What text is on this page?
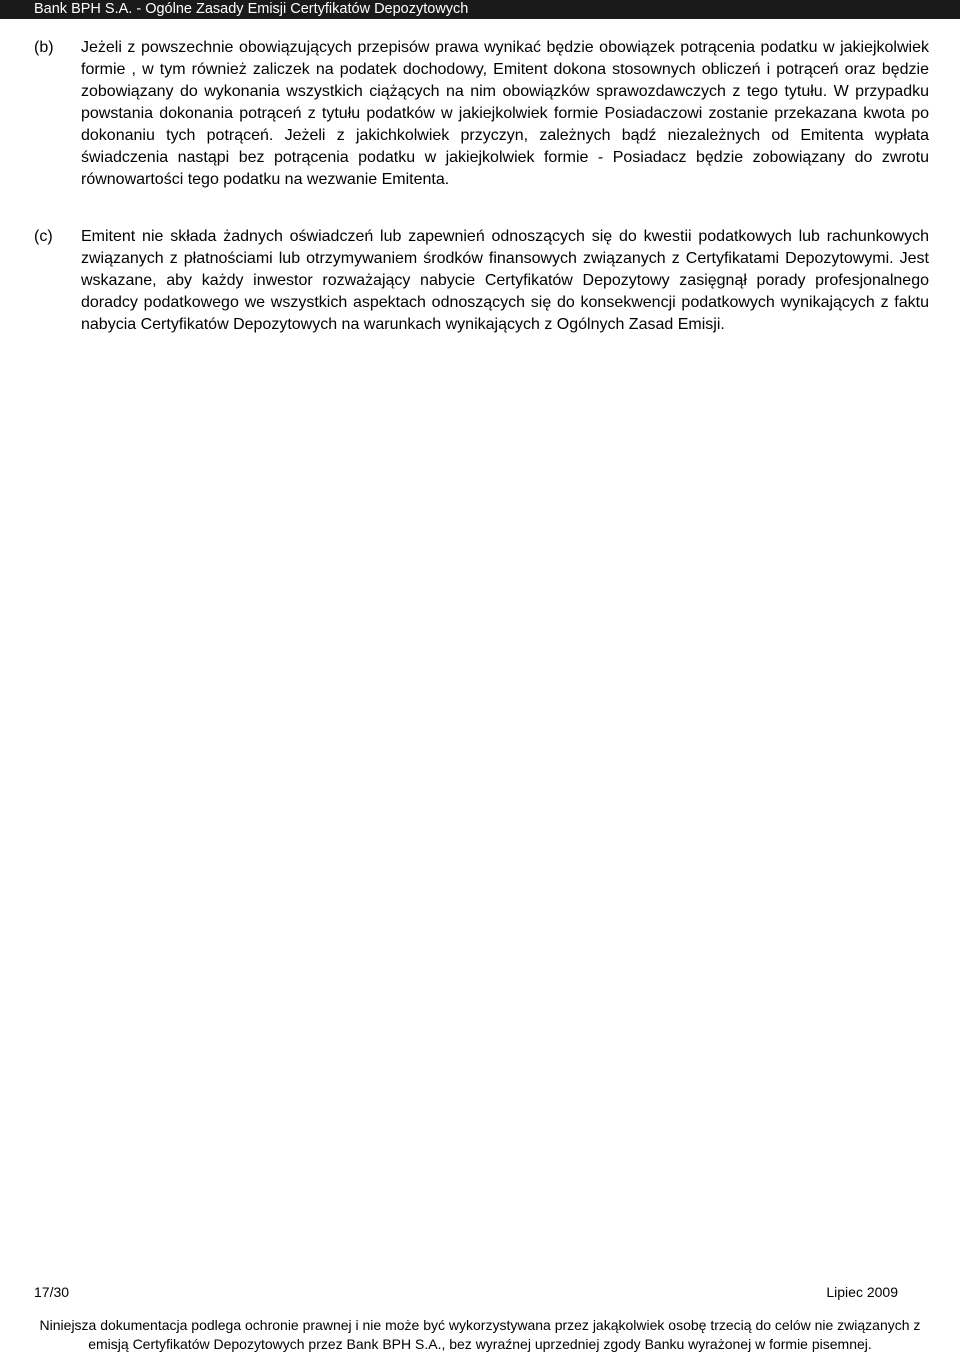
Bank BPH S.A. - Ogólne Zasady Emisji Certyfikatów Depozytowych
(b) Jeżeli z powszechnie obowiązujących przepisów prawa wynikać będzie obowiązek potrącenia podatku w jakiejkolwiek formie , w tym również zaliczek na podatek dochodowy, Emitent dokona stosownych obliczeń i potrąceń oraz będzie zobowiązany do wykonania wszystkich ciążących na nim obowiązków sprawozdawczych z tego tytułu. W przypadku powstania dokonania potrąceń z tytułu podatków w jakiejkolwiek formie Posiadaczowi zostanie przekazana kwota po dokonaniu tych potrąceń. Jeżeli z jakichkolwiek przyczyn, zależnych bądź niezależnych od Emitenta wypłata świadczenia nastąpi bez potrącenia podatku w jakiejkolwiek formie - Posiadacz będzie zobowiązany do zwrotu równowartości tego podatku na wezwanie Emitenta.

(c) Emitent nie składa żadnych oświadczeń lub zapewnień odnoszących się do kwestii podatkowych lub rachunkowych związanych z płatnościami lub otrzymywaniem środków finansowych związanych z Certyfikatami Depozytowymi. Jest wskazane, aby każdy inwestor rozważający nabycie Certyfikatów Depozytowy zasięgnął porady profesjonalnego doradcy podatkowego we wszystkich aspektach odnoszących się do konsekwencji podatkowych wynikających z faktu nabycia Certyfikatów Depozytowych na warunkach wynikających z Ogólnych Zasad Emisji.

17/30	Lipiec 2009

Niniejsza dokumentacja podlega ochronie prawnej i nie może być wykorzystywana przez jakąkolwiek osobę trzecią do celów nie związanych z
emisją Certyfikatów Depozytowych przez Bank BPH S.A., bez wyraźnej uprzedniej zgody Banku wyrażonej w formie pisemnej.
